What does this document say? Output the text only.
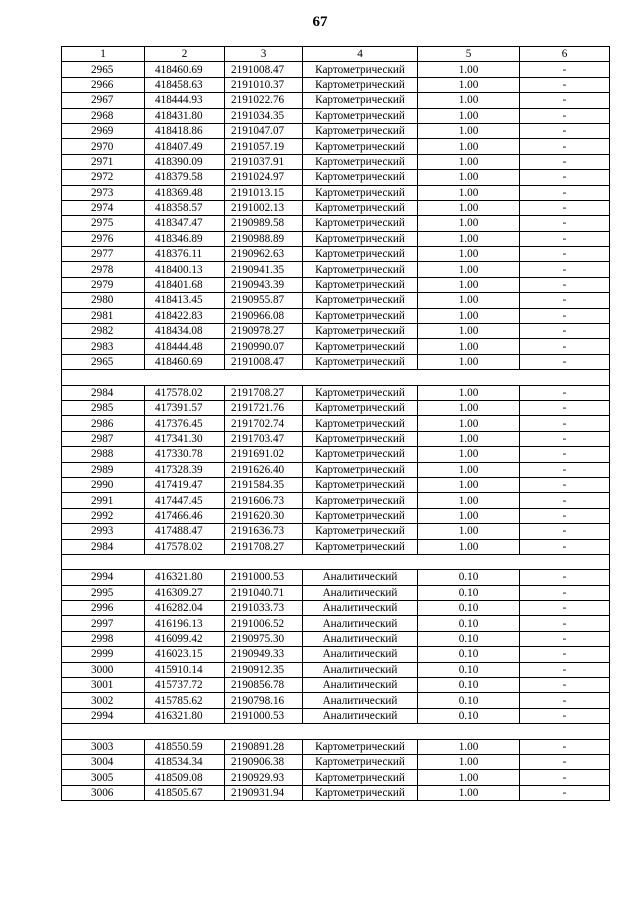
67
1	2	3	4	5	6
2965	418460.69	2191008.47	Картометрический	1.00	-
2966	418458.63	2191010.37	Картометрический	1.00	-
2967	418444.93	2191022.76	Картометрический	1.00	-
2968	418431.80	2191034.35	Картометрический	1.00	-
2969	418418.86	2191047.07	Картометрический	1.00	-
2970	418407.49	2191057.19	Картометрический	1.00	-
2971	418390.09	2191037.91	Картометрический	1.00	-
2972	418379.58	2191024.97	Картометрический	1.00	-
2973	418369.48	2191013.15	Картометрический	1.00	-
2974	418358.57	2191002.13	Картометрический	1.00	-
2975	418347.47	2190989.58	Картометрический	1.00	-
2976	418346.89	2190988.89	Картометрический	1.00	-
2977	418376.11	2190962.63	Картометрический	1.00	-
2978	418400.13	2190941.35	Картометрический	1.00	-
2979	418401.68	2190943.39	Картометрический	1.00	-
2980	418413.45	2190955.87	Картометрический	1.00	-
2981	418422.83	2190966.08	Картометрический	1.00	-
2982	418434.08	2190978.27	Картометрический	1.00	-
2983	418444.48	2190990.07	Картометрический	1.00	-
2965	418460.69	2191008.47	Картометрический	1.00	-

2984	417578.02	2191708.27	Картометрический	1.00	-
2985	417391.57	2191721.76	Картометрический	1.00	-
2986	417376.45	2191702.74	Картометрический	1.00	-
2987	417341.30	2191703.47	Картометрический	1.00	-
2988	417330.78	2191691.02	Картометрический	1.00	-
2989	417328.39	2191626.40	Картометрический	1.00	-
2990	417419.47	2191584.35	Картометрический	1.00	-
2991	417447.45	2191606.73	Картометрический	1.00	-
2992	417466.46	2191620.30	Картометрический	1.00	-
2993	417488.47	2191636.73	Картометрический	1.00	-
2984	417578.02	2191708.27	Картометрический	1.00	-

2994	416321.80	2191000.53	Аналитический	0.10	-
2995	416309.27	2191040.71	Аналитический	0.10	-
2996	416282.04	2191033.73	Аналитический	0.10	-
2997	416196.13	2191006.52	Аналитический	0.10	-
2998	416099.42	2190975.30	Аналитический	0.10	-
2999	416023.15	2190949.33	Аналитический	0.10	-
3000	415910.14	2190912.35	Аналитический	0.10	-
3001	415737.72	2190856.78	Аналитический	0.10	-
3002	415785.62	2190798.16	Аналитический	0.10	-
2994	416321.80	2191000.53	Аналитический	0.10	-

3003	418550.59	2190891.28	Картометрический	1.00	-
3004	418534.34	2190906.38	Картометрический	1.00	-
3005	418509.08	2190929.93	Картометрический	1.00	-
3006	418505.67	2190931.94	Картометрический	1.00	-
